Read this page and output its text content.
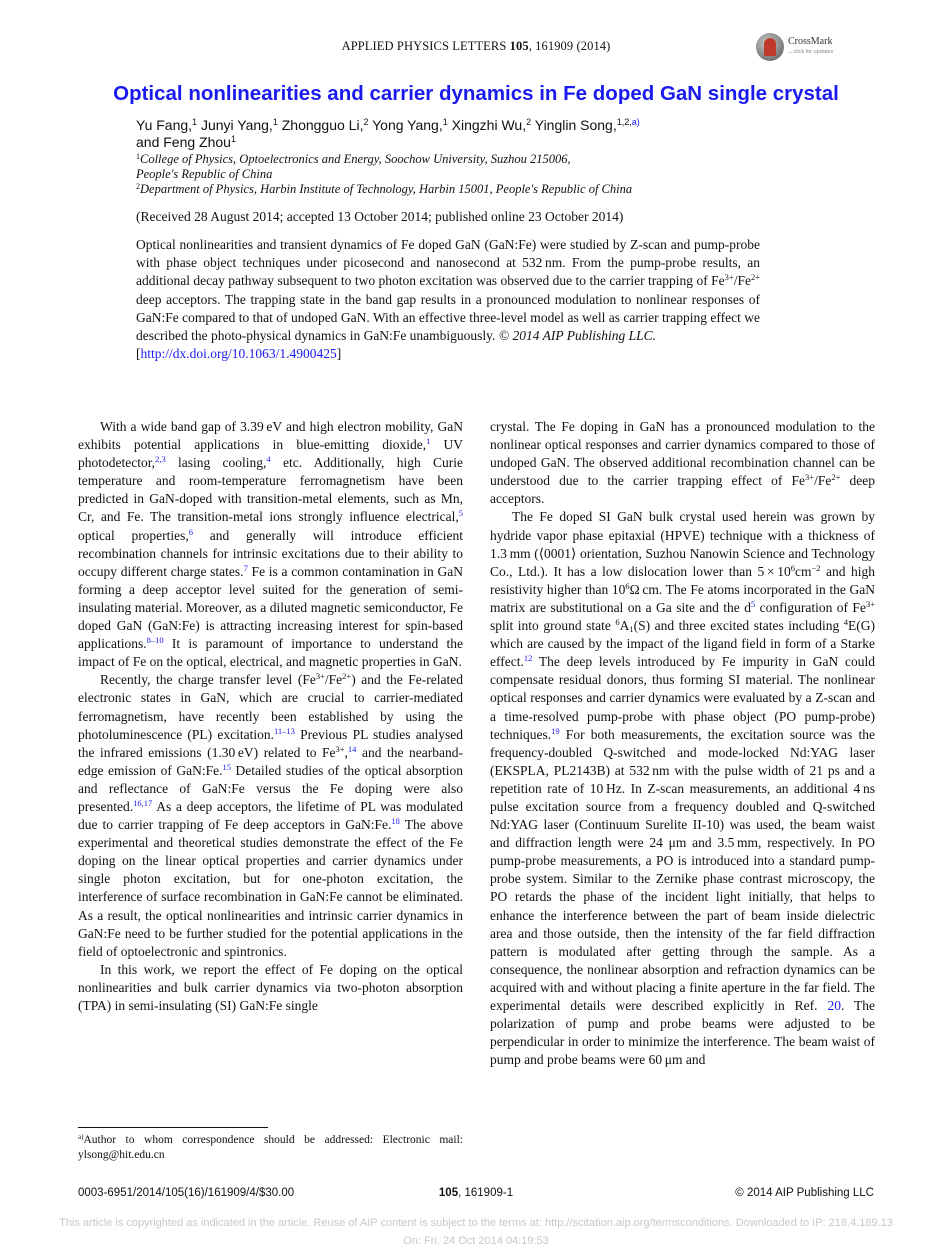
APPLIED PHYSICS LETTERS 105, 161909 (2014)	CrossMark
←click for updates
Optical nonlinearities and carrier dynamics in Fe doped GaN single crystal
Yu Fang,$^1$ Junyi Yang,$^1$ Zhongguo Li,$^2$ Yong Yang,$^1$ Xingzhi Wu,$^2$ Yinglin Song,$^{1,2,a)}$
and Feng Zhou$^1$
$^1$College of Physics, Optoelectronics and Energy, Soochow University, Suzhou 215006,
People's Republic of China
$^2$Department of Physics, Harbin Institute of Technology, Harbin 15001, People's Republic of China
(Received 28 August 2014; accepted 13 October 2014; published online 23 October 2014)
Optical nonlinearities and transient dynamics of Fe doped GaN (GaN:Fe) were studied by Z-scan and pump-probe with phase object techniques under picosecond and nanosecond at 532 nm. From the pump-probe results, an additional decay pathway subsequent to two photon excitation was observed due to the carrier trapping of $Fe^{3+}/Fe^{2+}$ deep acceptors. The trapping state in the band gap results in a pronounced modulation to nonlinear responses of GaN:Fe compared to that of undoped GaN. With an effective three-level model as well as carrier trapping effect we described the photo-physical dynamics in GaN:Fe unambiguously. © 2014 AIP Publishing LLC.
[http://dx.doi.org/10.1063/1.4900425]

With a wide band gap of 3.39 eV and high electron mobility, GaN exhibits potential applications in blue-emitting dioxide,$^1$ UV photodetector,$^{2,3}$ lasing cooling,$^4$ etc. Additionally, high Curie temperature and room-temperature ferromagnetism have been predicted in GaN-doped with transition-metal elements, such as Mn, Cr, and Fe. The transition-metal ions strongly influence electrical,$^5$ optical properties,$^6$ and generally will introduce efficient recombination channels for intrinsic excitations due to their ability to occupy different charge states.$^7$ Fe is a common contamination in GaN forming a deep acceptor level suited for the generation of semi-insulating material. Moreover, as a diluted magnetic semiconductor, Fe doped GaN (GaN:Fe) is attracting increasing interest for spin-based applications.$^{8-10}$ It is paramount of importance to understand the impact of Fe on the optical, electrical, and magnetic properties in GaN.

Recently, the charge transfer level $(Fe^{3+}/Fe^{2+})$ and the Fe-related electronic states in GaN, which are crucial to carrier-mediated ferromagnetism, have recently been established by using the photoluminescence (PL) excitation.$^{11-13}$ Previous PL studies analysed the infrared emissions (1.30 eV) related to $Fe^{3+},^{14}$ and the nearband-edge emission of GaN:Fe.$^{15}$ Detailed studies of the optical absorption and reflectance of GaN:Fe versus the Fe doping were also presented.$^{16,17}$ As a deep acceptors, the lifetime of PL was modulated due to carrier trapping of Fe deep acceptors in GaN:Fe.$^{18}$ The above experimental and theoretical studies demonstrate the effect of the Fe doping on the linear optical properties and carrier dynamics under single photon excitation, but for one-photon excitation, the interference of surface recombination in GaN:Fe cannot be eliminated. As a result, the optical nonlinearities and intrinsic carrier dynamics in GaN:Fe need to be further studied for the potential applications in the field of optoelectronic and spintronics.

In this work, we report the effect of Fe doping on the optical nonlinearities and bulk carrier dynamics via two-photon absorption (TPA) in semi-insulating (SI) GaN:Fe single

$^{a)}$Author to whom correspondence should be addressed: Electronic mail: ylsong@hit.edu.cn

crystal. The Fe doping in GaN has a pronounced modulation to the nonlinear optical responses and carrier dynamics compared to those of undoped GaN. The observed additional recombination channel can be understood due to the carrier trapping effect of $Fe^{3+}/Fe^{2+}$ deep acceptors.

The Fe doped SI GaN bulk crystal used herein was grown by hydride vapor phase epitaxial (HPVE) technique with a thickness of 1.3 mm (⟨0001⟩ orientation, Suzhou Nanowin Science and Technology Co., Ltd.). It has a low dislocation lower than $5 \times 10^6cm^{-2}$ and high resistivity higher than $10^6\Omega$ cm. The Fe atoms incorporated in the GaN matrix are substitutional on a Ga site and the d$^5$ configuration of $Fe^{3+}$ split into ground state $^6A_1(S)$ and three excited states including $^4$E(G) which are caused by the impact of the ligand field in form of a Starke effect.$^{12}$ The deep levels introduced by Fe impurity in GaN could compensate residual donors, thus forming SI material. The nonlinear optical responses and carrier dynamics were evaluated by a Z-scan and a time-resolved pump-probe with phase object (PO pump-probe) techniques.$^{19}$ For both measurements, the excitation source was the frequency-doubled Q-switched and mode-locked Nd:YAG laser (EKSPLA, PL2143B) at 532 nm with the pulse width of 21 ps and a repetition rate of 10 Hz. In Z-scan measurements, an additional 4 ns pulse excitation source from a frequency doubled and Q-switched Nd:YAG laser (Continuum Surelite II-10) was used, the beam waist and diffraction length were 24 μm and 3.5 mm, respectively. In PO pump-probe measurements, a PO is introduced into a standard pump-probe system. Similar to the Zernike phase contrast microscopy, the PO retards the phase of the incident light initially, that helps to enhance the interference between the part of beam inside dielectric area and those outside, then the intensity of the far field diffraction pattern is modulated after getting through the sample. As a consequence, the nonlinear absorption and refraction dynamics can be acquired with and without placing a finite aperture in the far field. The experimental details were described explicitly in Ref. 20. The polarization of pump and probe beams were adjusted to be perpendicular in order to minimize the interference. The beam waist of pump and probe beams were 60 μm and

0003-6951/2014/105(16)/161909/4/$30.00	105, 161909-1	© 2014 AIP Publishing LLC
This article is copyrighted as indicated in the article. Reuse of AIP content is subject to the terms at: http://scitation.aip.org/termsconditions. Downloaded to IP: 218.4.189.13
On: Fri, 24 Oct 2014 04:19:53
